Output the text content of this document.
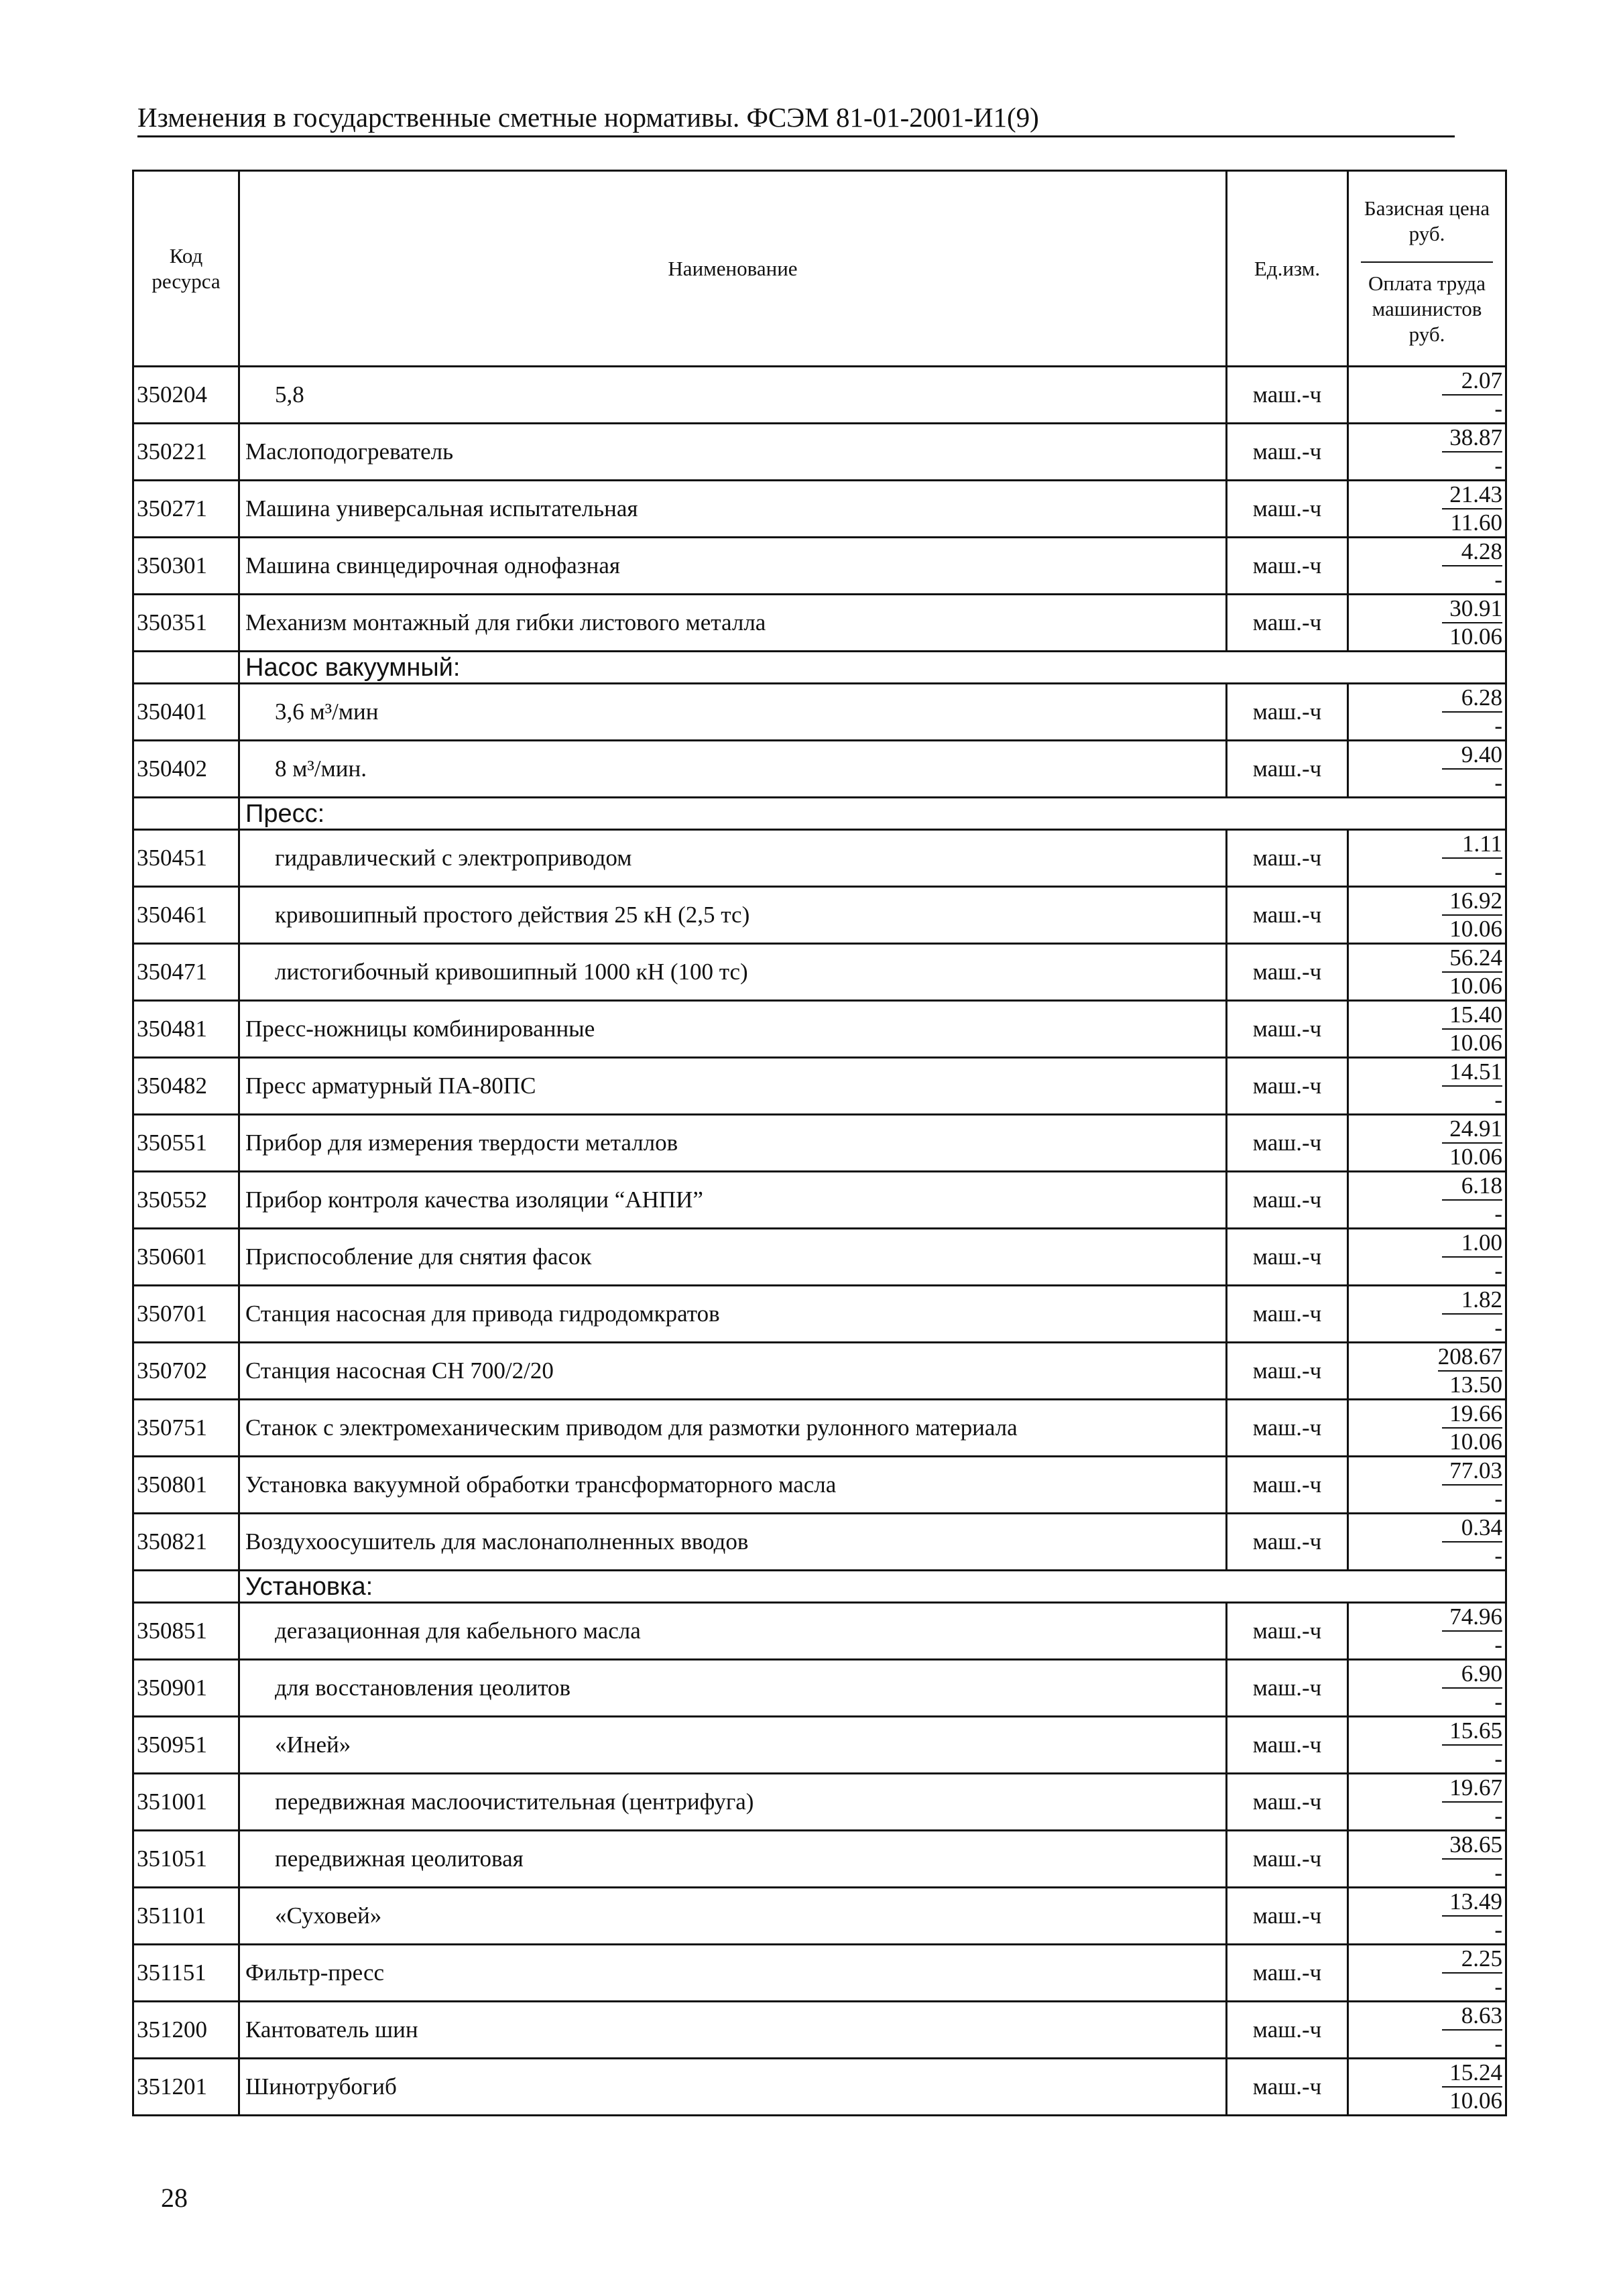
Изменения в государственные сметные нормативы. ФСЭМ 81-01-2001-И1(9)
Код ресурса	Наименование	Ед.изм.	Базисная цена руб.
Оплата труда машинистов руб.

350204	5,8	маш.-ч	2.07
-

350221	Маслоподогреватель	маш.-ч	38.87
-

350271	Машина универсальная испытательная	маш.-ч	21.43
11.60

350301	Машина свинцедирочная однофазная	маш.-ч	4.28
-

350351	Механизм монтажный для гибки листового металла	маш.-ч	30.91
10.06

	Насос вакуумный:		
350401	3,6 м³/мин	маш.-ч	6.28
-

350402	8 м³/мин.	маш.-ч	9.40
-

	Пресс:		
350451	гидравлический с электроприводом	маш.-ч	1.11
-

350461	кривошипный простого действия 25 кН (2,5 тс)	маш.-ч	16.92
10.06

350471	листогибочный кривошипный 1000 кН (100 тс)	маш.-ч	56.24
10.06

350481	Пресс-ножницы комбинированные	маш.-ч	15.40
10.06

350482	Пресс арматурный ПА-80ПС	маш.-ч	14.51
-

350551	Прибор для измерения твердости металлов	маш.-ч	24.91
10.06

350552	Прибор контроля качества изоляции “АНПИ”	маш.-ч	6.18
-

350601	Приспособление для снятия фасок	маш.-ч	1.00
-

350701	Станция насосная для привода гидродомкратов	маш.-ч	1.82
-

350702	Станция насосная СН 700/2/20	маш.-ч	208.67
13.50

350751	Станок с электромеханическим приводом для размотки рулонного материала	маш.-ч	19.66
10.06

350801	Установка вакуумной обработки трансформаторного масла	маш.-ч	77.03
-

350821	Воздухоосушитель для маслонаполненных вводов	маш.-ч	0.34
-

	Установка:		
350851	дегазационная для кабельного масла	маш.-ч	74.96
-

350901	для восстановления цеолитов	маш.-ч	6.90
-

350951	«Иней»	маш.-ч	15.65
-

351001	передвижная маслоочистительная (центрифуга)	маш.-ч	19.67
-

351051	передвижная цеолитовая	маш.-ч	38.65
-

351101	«Суховей»	маш.-ч	13.49
-

351151	Фильтр-пресс	маш.-ч	2.25
-

351200	Кантователь шин	маш.-ч	8.63
-

351201	Шинотрубогиб	маш.-ч	15.24
10.06
28
